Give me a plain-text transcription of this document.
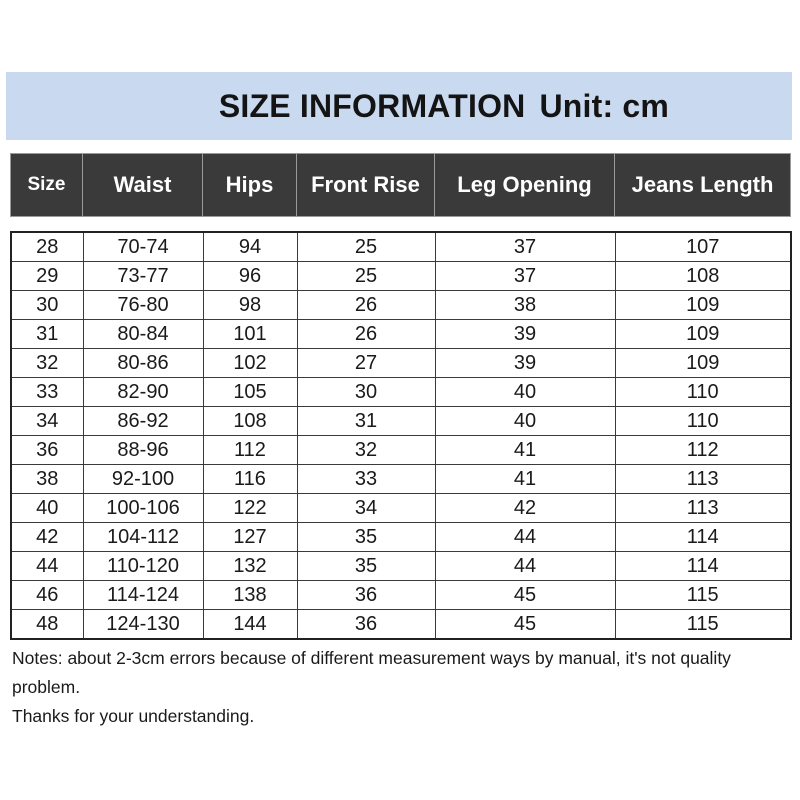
SIZE INFORMATION Unit: cm
Size	Waist	Hips	Front Rise	Leg Opening	Jeans Length
28	70-74	94	25	37	107
29	73-77	96	25	37	108
30	76-80	98	26	38	109
31	80-84	101	26	39	109
32	80-86	102	27	39	109
33	82-90	105	30	40	110
34	86-92	108	31	40	110
36	88-96	112	32	41	112
38	92-100	116	33	41	113
40	100-106	122	34	42	113
42	104-112	127	35	44	114
44	110-120	132	35	44	114
46	114-124	138	36	45	115
48	124-130	144	36	45	115

Notes: about 2-3cm errors because of different measurement ways by manual, it's not quality problem.

Thanks for your understanding.
